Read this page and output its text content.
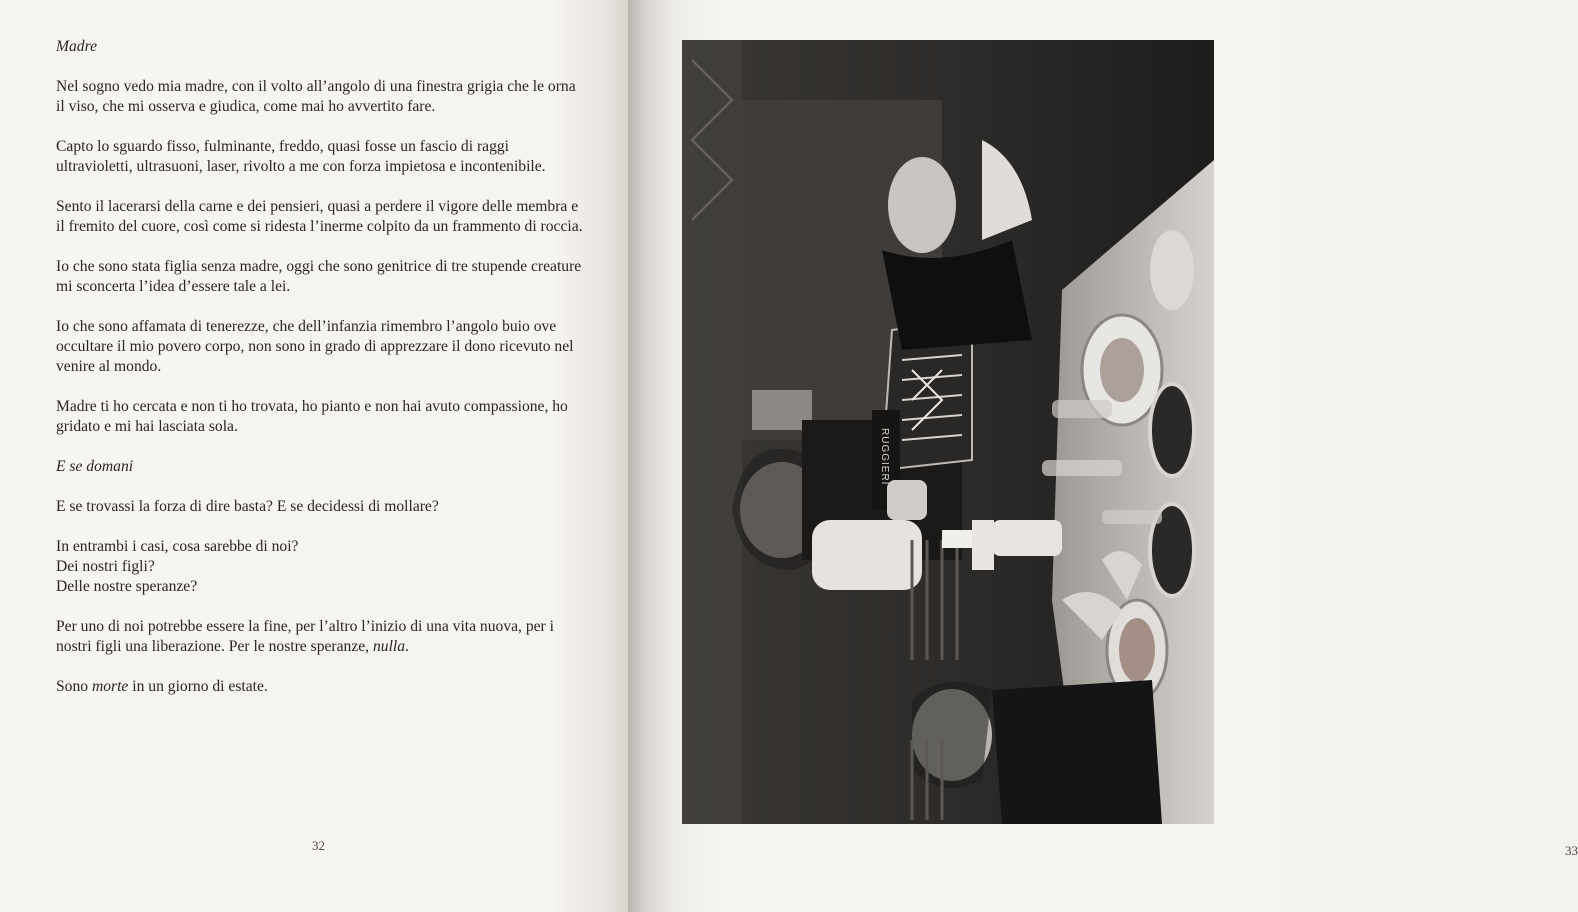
Madre

Nel sogno vedo mia madre, con il volto all’angolo di una finestra grigia che le orna il viso, che mi osserva e giudica, come mai ho avvertito fare.

Capto lo sguardo fisso, fulminante, freddo, quasi fosse un fascio di raggi ultravioletti, ultrasuoni, laser, rivolto a me con forza impietosa e incontenibile.

Sento il lacerarsi della carne e dei pensieri, quasi a perdere il vigore delle membra e il fremito del cuore, così come si ridesta l’inerme colpito da un frammento di roccia.

Io che sono stata figlia senza madre, oggi che sono genitrice di tre stupende creature mi sconcerta l’idea d’essere tale a lei.

Io che sono affamata di tenerezze, che dell’infanzia rimembro l’angolo buio ove occultare il mio povero corpo, non sono in grado di apprezzare il dono ricevuto nel venire al mondo.

Madre ti ho cercata e non ti ho trovata, ho pianto e non hai avuto compassione, ho gridato e mi hai lasciata sola.

E se domani

E se trovassi la forza di dire basta? E se decidessi di mollare?

In entrambi i casi, cosa sarebbe di noi?

Dei nostri figli?

Delle nostre speranze?

Per uno di noi potrebbe essere la fine, per l’altro l’inizio di una vita nuova, per i nostri figli una liberazione. Per le nostre speranze, nulla.

Sono morte in un giorno di estate.

32	33
RUGGIERI
